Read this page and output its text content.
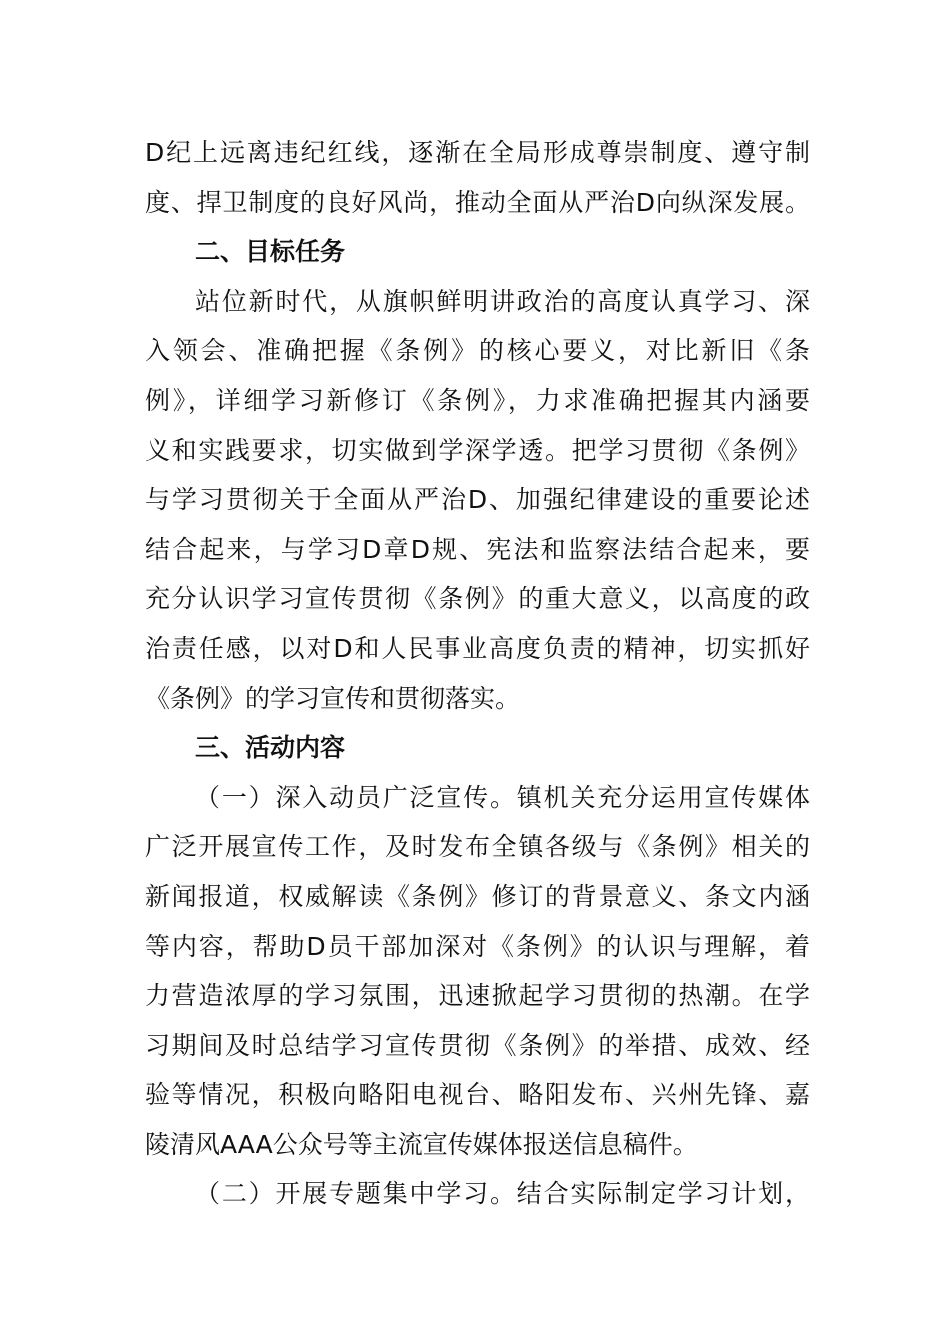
D纪上远离违纪红线，逐渐在全局形成尊崇制度、遵守制
度、捍卫制度的良好风尚，推动全面从严治D向纵深发展。
二、目标任务
站位新时代，从旗帜鲜明讲政治的高度认真学习、深
入领会、准确把握《条例》的核心要义，对比新旧《条
例》，详细学习新修订《条例》，力求准确把握其内涵要
义和实践要求，切实做到学深学透。把学习贯彻《条例》
与学习贯彻关于全面从严治D、加强纪律建设的重要论述
结合起来，与学习D章D规、宪法和监察法结合起来，要
充分认识学习宣传贯彻《条例》的重大意义，以高度的政
治责任感，以对D和人民事业高度负责的精神，切实抓好
《条例》的学习宣传和贯彻落实。
三、活动内容
（一）深入动员广泛宣传。镇机关充分运用宣传媒体
广泛开展宣传工作，及时发布全镇各级与《条例》相关的
新闻报道，权威解读《条例》修订的背景意义、条文内涵
等内容，帮助D员干部加深对《条例》的认识与理解，着
力营造浓厚的学习氛围，迅速掀起学习贯彻的热潮。在学
习期间及时总结学习宣传贯彻《条例》的举措、成效、经
验等情况，积极向略阳电视台、略阳发布、兴州先锋、嘉
陵清风AAA公众号等主流宣传媒体报送信息稿件。
（二）开展专题集中学习。结合实际制定学习计划，
